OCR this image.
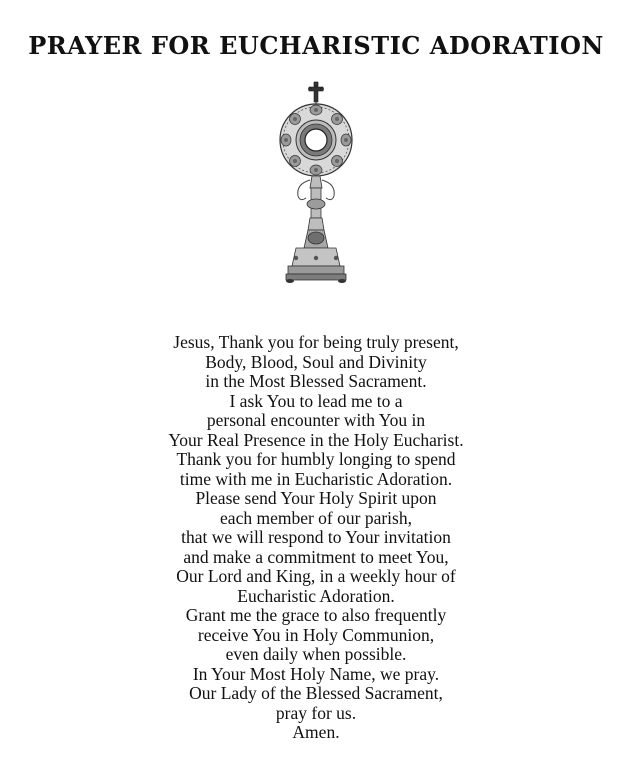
PRAYER FOR EUCHARISTIC ADORATION
Jesus, Thank you for being truly present,
Body, Blood, Soul and Divinity
in the Most Blessed Sacrament.
I ask You to lead me to a
personal encounter with You in
Your Real Presence in the Holy Eucharist.
Thank you for humbly longing to spend
time with me in Eucharistic Adoration.
Please send Your Holy Spirit upon
each member of our parish,
that we will respond to Your invitation
and make a commitment to meet You,
Our Lord and King, in a weekly hour of
Eucharistic Adoration.
Grant me the grace to also frequently
receive You in Holy Communion,
even daily when possible.
In Your Most Holy Name, we pray.
Our Lady of the Blessed Sacrament,
pray for us.
Amen.
